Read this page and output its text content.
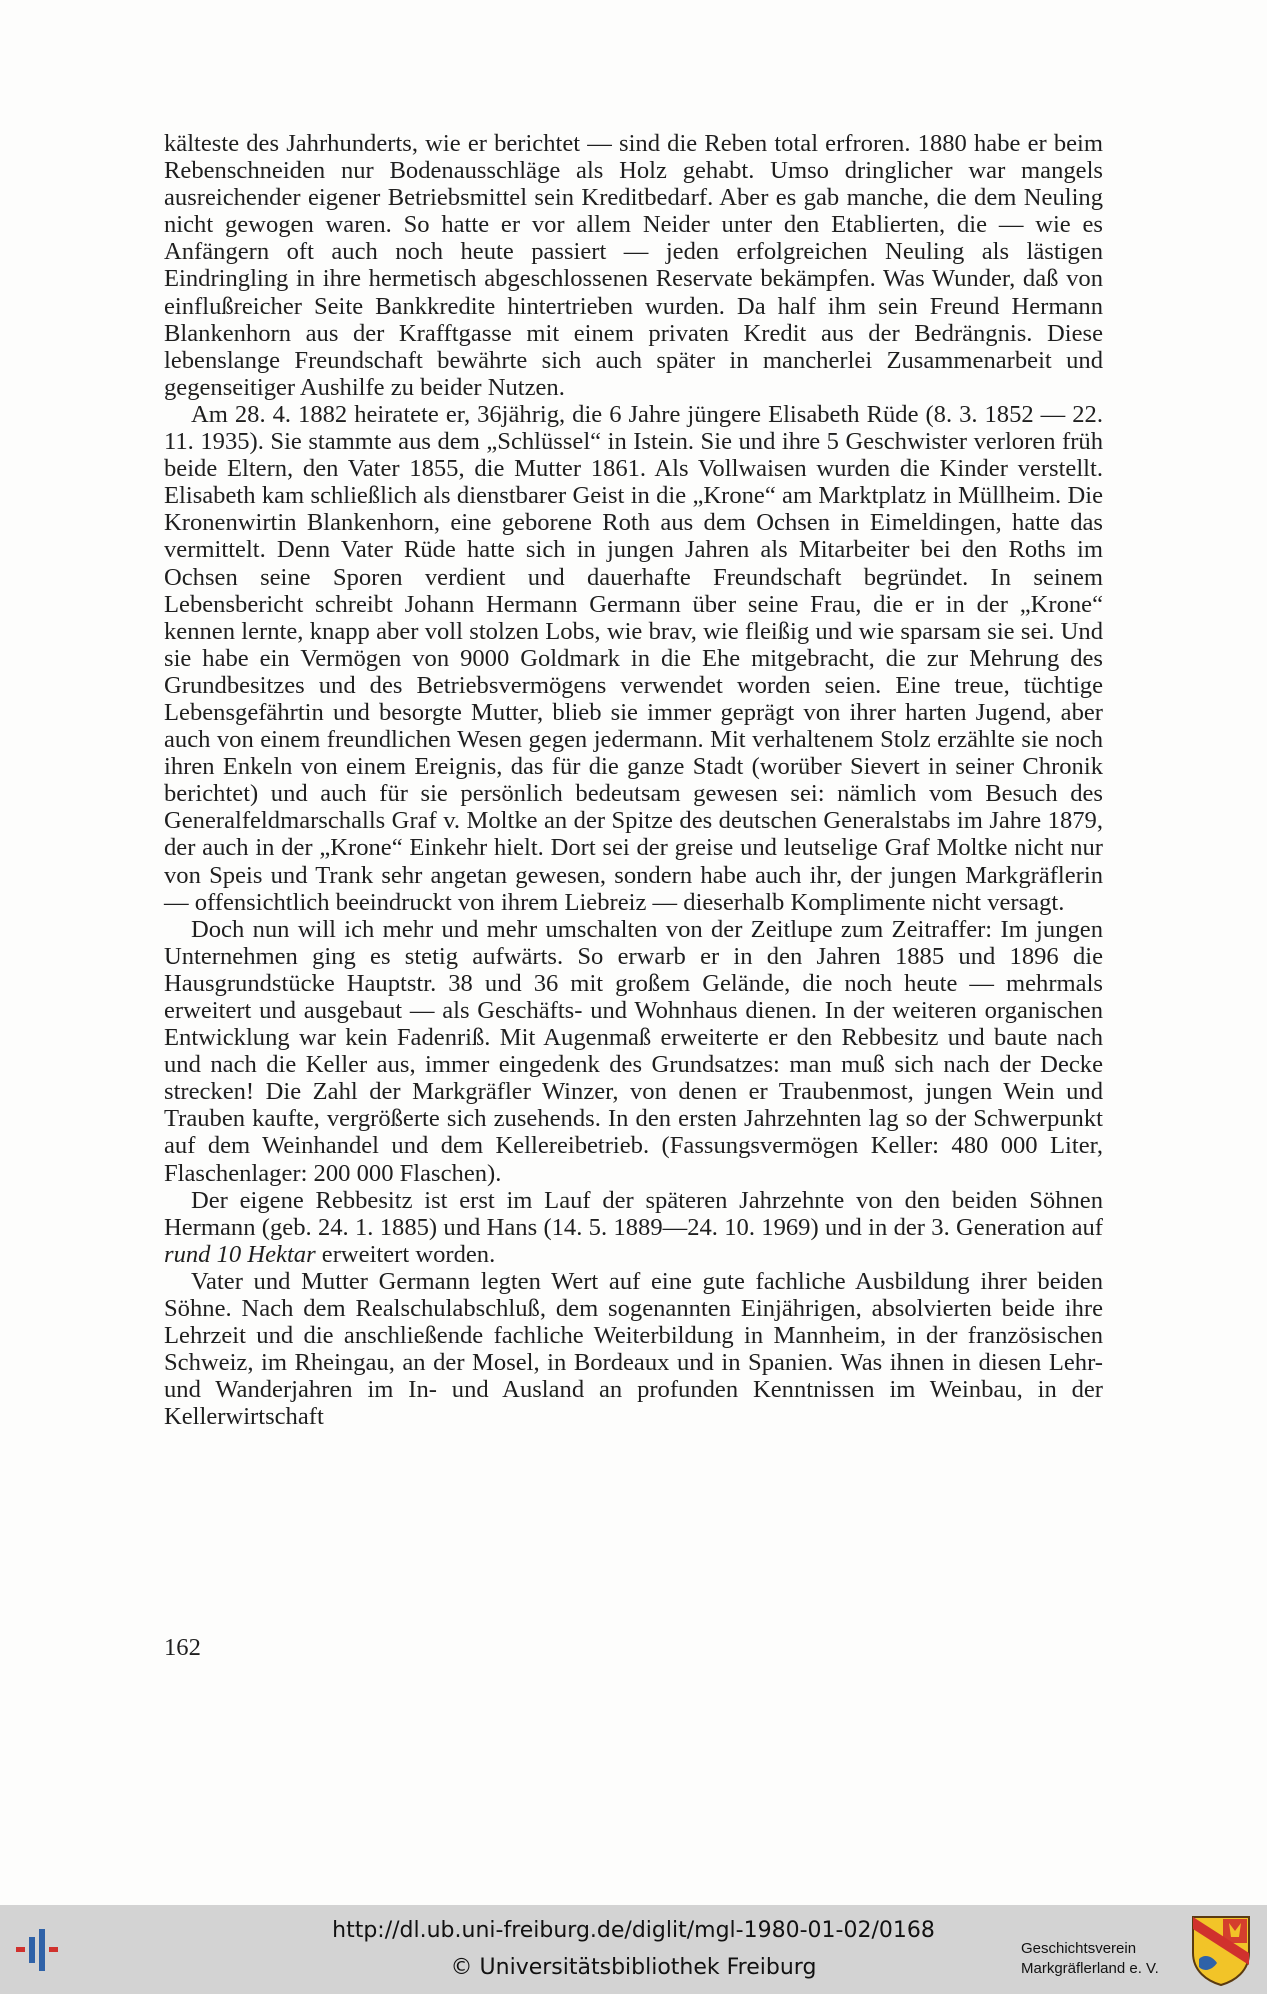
kälteste des Jahrhunderts, wie er berichtet — sind die Reben total erfroren. 1880 habe er beim Rebenschneiden nur Bodenausschläge als Holz gehabt. Umso dringlicher war mangels ausreichender eigener Betriebsmittel sein Kreditbedarf. Aber es gab manche, die dem Neuling nicht gewogen waren. So hatte er vor allem Neider unter den Etablierten, die — wie es Anfängern oft auch noch heute passiert — jeden erfolgreichen Neuling als lästigen Eindringling in ihre hermetisch abgeschlossenen Reservate bekämpfen. Was Wunder, daß von einflußreicher Seite Bankkredite hintertrieben wurden. Da half ihm sein Freund Hermann Blankenhorn aus der Krafftgasse mit einem privaten Kredit aus der Bedrängnis. Diese lebenslange Freundschaft bewährte sich auch später in mancherlei Zusammenarbeit und gegenseitiger Aushilfe zu beider Nutzen.

Am 28. 4. 1882 heiratete er, 36jährig, die 6 Jahre jüngere Elisabeth Rüde (8. 3. 1852 — 22. 11. 1935). Sie stammte aus dem „Schlüssel“ in Istein. Sie und ihre 5 Geschwister verloren früh beide Eltern, den Vater 1855, die Mutter 1861. Als Vollwaisen wurden die Kinder verstellt. Elisabeth kam schließlich als dienstbarer Geist in die „Krone“ am Marktplatz in Müllheim. Die Kronenwirtin Blankenhorn, eine geborene Roth aus dem Ochsen in Eimeldingen, hatte das vermittelt. Denn Vater Rüde hatte sich in jungen Jahren als Mitarbeiter bei den Roths im Ochsen seine Sporen verdient und dauerhafte Freundschaft begründet. In seinem Lebensbericht schreibt Johann Hermann Germann über seine Frau, die er in der „Krone“ kennen lernte, knapp aber voll stolzen Lobs, wie brav, wie fleißig und wie sparsam sie sei. Und sie habe ein Vermögen von 9000 Goldmark in die Ehe mitgebracht, die zur Mehrung des Grundbesitzes und des Betriebsvermögens verwendet worden seien. Eine treue, tüchtige Lebensgefährtin und besorgte Mutter, blieb sie immer geprägt von ihrer harten Jugend, aber auch von einem freundlichen Wesen gegen jedermann. Mit verhaltenem Stolz erzählte sie noch ihren Enkeln von einem Ereignis, das für die ganze Stadt (worüber Sievert in seiner Chronik berichtet) und auch für sie persönlich bedeutsam gewesen sei: nämlich vom Besuch des Generalfeldmarschalls Graf v. Moltke an der Spitze des deutschen Generalstabs im Jahre 1879, der auch in der „Krone“ Einkehr hielt. Dort sei der greise und leutselige Graf Moltke nicht nur von Speis und Trank sehr angetan gewesen, sondern habe auch ihr, der jungen Markgräflerin — offensichtlich beeindruckt von ihrem Liebreiz — dieserhalb Komplimente nicht versagt.

Doch nun will ich mehr und mehr umschalten von der Zeitlupe zum Zeitraffer: Im jungen Unternehmen ging es stetig aufwärts. So erwarb er in den Jahren 1885 und 1896 die Hausgrundstücke Hauptstr. 38 und 36 mit großem Gelände, die noch heute — mehrmals erweitert und ausgebaut — als Geschäfts- und Wohnhaus dienen. In der weiteren organischen Entwicklung war kein Fadenriß. Mit Augenmaß erweiterte er den Rebbesitz und baute nach und nach die Keller aus, immer eingedenk des Grundsatzes: man muß sich nach der Decke strecken! Die Zahl der Markgräfler Winzer, von denen er Traubenmost, jungen Wein und Trauben kaufte, vergrößerte sich zusehends. In den ersten Jahrzehnten lag so der Schwerpunkt auf dem Weinhandel und dem Kellereibetrieb. (Fassungsvermögen Keller: 480 000 Liter, Flaschenlager: 200 000 Flaschen).

Der eigene Rebbesitz ist erst im Lauf der späteren Jahrzehnte von den beiden Söhnen Hermann (geb. 24. 1. 1885) und Hans (14. 5. 1889—24. 10. 1969) und in der 3. Generation auf rund 10 Hektar erweitert worden.

Vater und Mutter Germann legten Wert auf eine gute fachliche Ausbildung ihrer beiden Söhne. Nach dem Realschulabschluß, dem sogenannten Einjährigen, absolvierten beide ihre Lehrzeit und die anschließende fachliche Weiterbildung in Mannheim, in der französischen Schweiz, im Rheingau, an der Mosel, in Bordeaux und in Spanien. Was ihnen in diesen Lehr- und Wanderjahren im In- und Ausland an profunden Kenntnissen im Weinbau, in der Kellerwirtschaft

162
http://dl.ub.uni-freiburg.de/diglit/mgl-1980-01-02/0168
© Universitätsbibliothek Freiburg
Geschichtsverein
Markgräflerland e. V.
